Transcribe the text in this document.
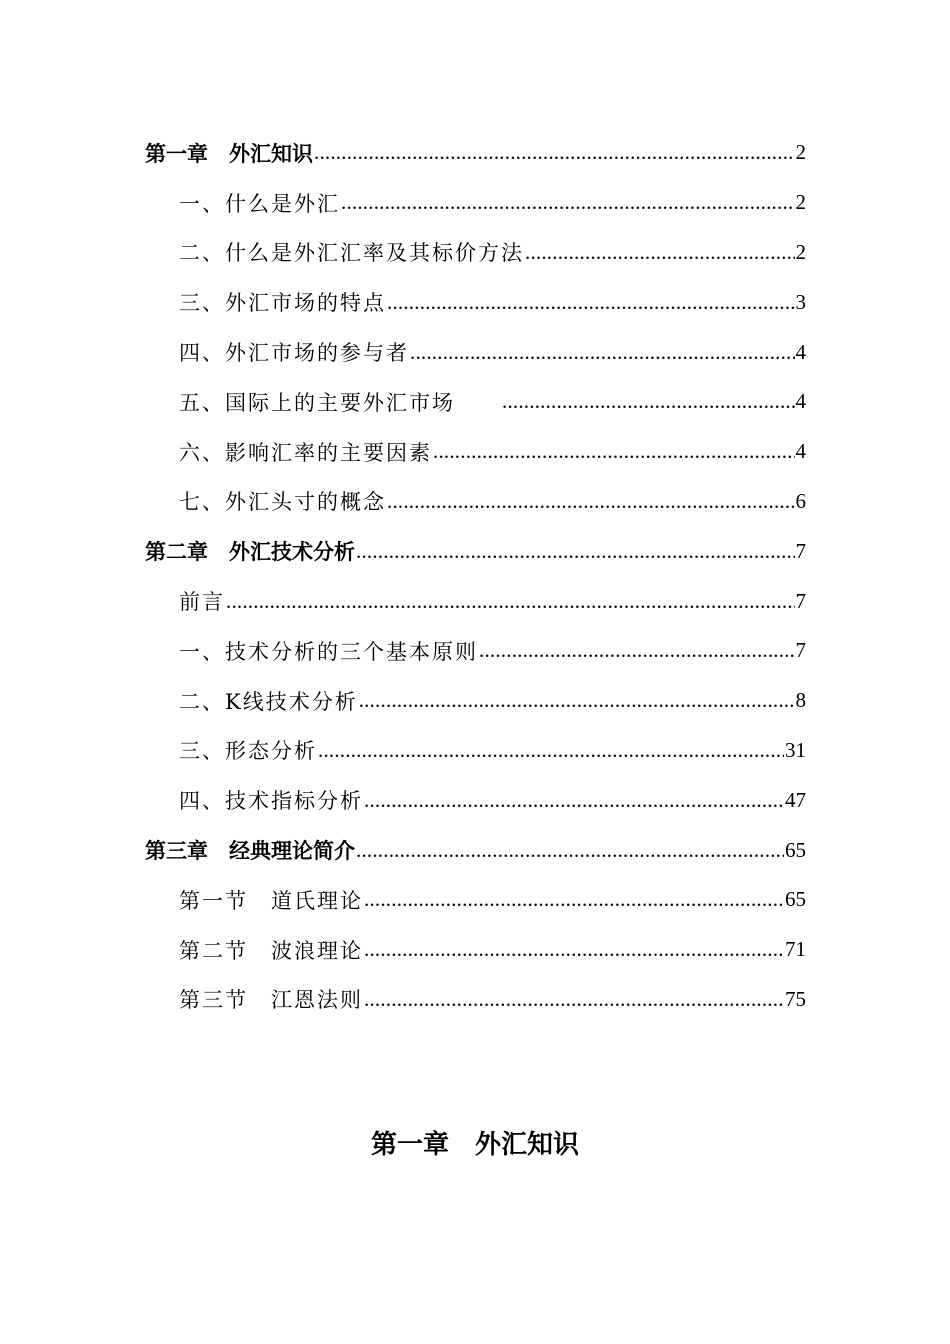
第一章　外汇知识 .....	2
一、什么是外汇 .....	2
二、什么是外汇汇率及其标价方法 .....	2
三、外汇市场的特点 .....	3
四、外汇市场的参与者 .....	4
五、国际上的主要外汇市场 .....	4
六、影响汇率的主要因素 .....	4
七、外汇头寸的概念 .....	6
第二章　外汇技术分析 .....	7
前言 .....	7
一、技术分析的三个基本原则 .....	7
二、K线技术分析 .....	8
三、形态分析 .....	31
四、技术指标分析 .....	47
第三章　经典理论简介 .....	65
第一节　道氏理论 .....	65
第二节　波浪理论 .....	71
第三节　江恩法则 .....	75
第一章　外汇知识
